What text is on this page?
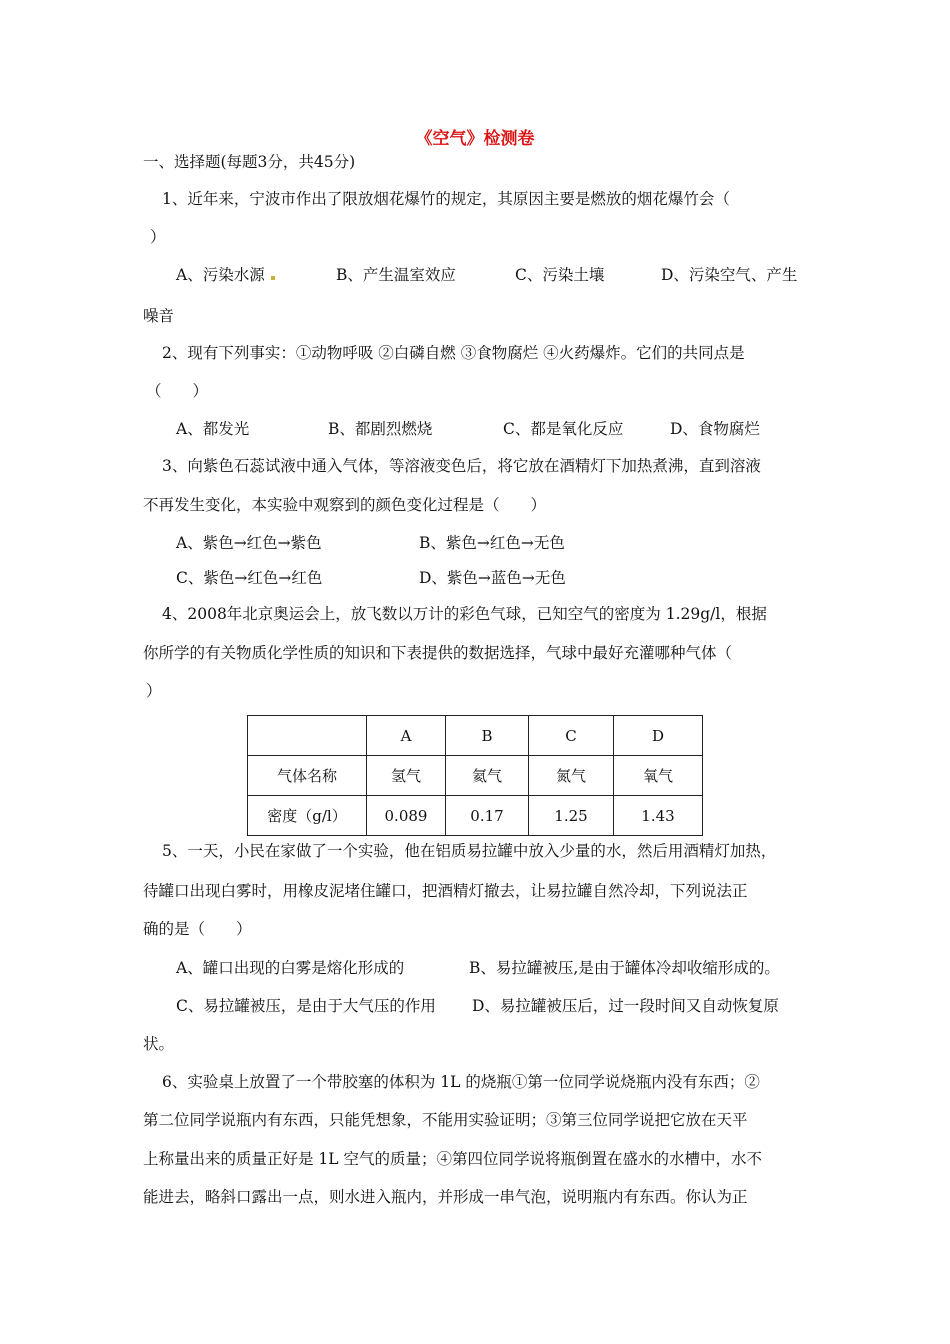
《空气》检测卷
一、选择题(每题3分，共45分)
1、近年来，宁波市作出了限放烟花爆竹的规定，其原因主要是燃放的烟花爆竹会（
）
A、污染水源	B、产生温室效应	C、污染土壤	D、污染空气、产生
噪音
2、现有下列事实：①动物呼吸 ②白磷自燃 ③食物腐烂 ④火药爆炸。它们的共同点是
（　　）
A、都发光	B、都剧烈燃烧	C、都是氧化反应	D、食物腐烂
3、向紫色石蕊试液中通入气体，等溶液变色后，将它放在酒精灯下加热煮沸，直到溶液
不再发生变化，本实验中观察到的颜色变化过程是（　　）
A、紫色→红色→紫色	B、紫色→红色→无色
C、紫色→红色→红色	D、紫色→蓝色→无色
4、2008年北京奥运会上，放飞数以万计的彩色气球，已知空气的密度为 1.29g/l，根据
你所学的有关物质化学性质的知识和下表提供的数据选择，气球中最好充灌哪种气体（
）
	A	B	C	D
气体名称	氢气	氦气	氮气	氧气
密度（g/l）	0.089	0.17	1.25	1.43
5、一天，小民在家做了一个实验，他在铝质易拉罐中放入少量的水，然后用酒精灯加热，
待罐口出现白雾时，用橡皮泥堵住罐口，把酒精灯撤去，让易拉罐自然冷却，下列说法正
确的是（　　）
A、罐口出现的白雾是熔化形成的	B、易拉罐被压,是由于罐体冷却收缩形成的。
C、易拉罐被压，是由于大气压的作用 D、易拉罐被压后，过一段时间又自动恢复原
状。
6、实验桌上放置了一个带胶塞的体积为 1L 的烧瓶①第一位同学说烧瓶内没有东西；②
第二位同学说瓶内有东西，只能凭想象，不能用实验证明；③第三位同学说把它放在天平
上称量出来的质量正好是 1L 空气的质量；④第四位同学说将瓶倒置在盛水的水槽中，水不
能进去，略斜口露出一点，则水进入瓶内，并形成一串气泡，说明瓶内有东西。你认为正
